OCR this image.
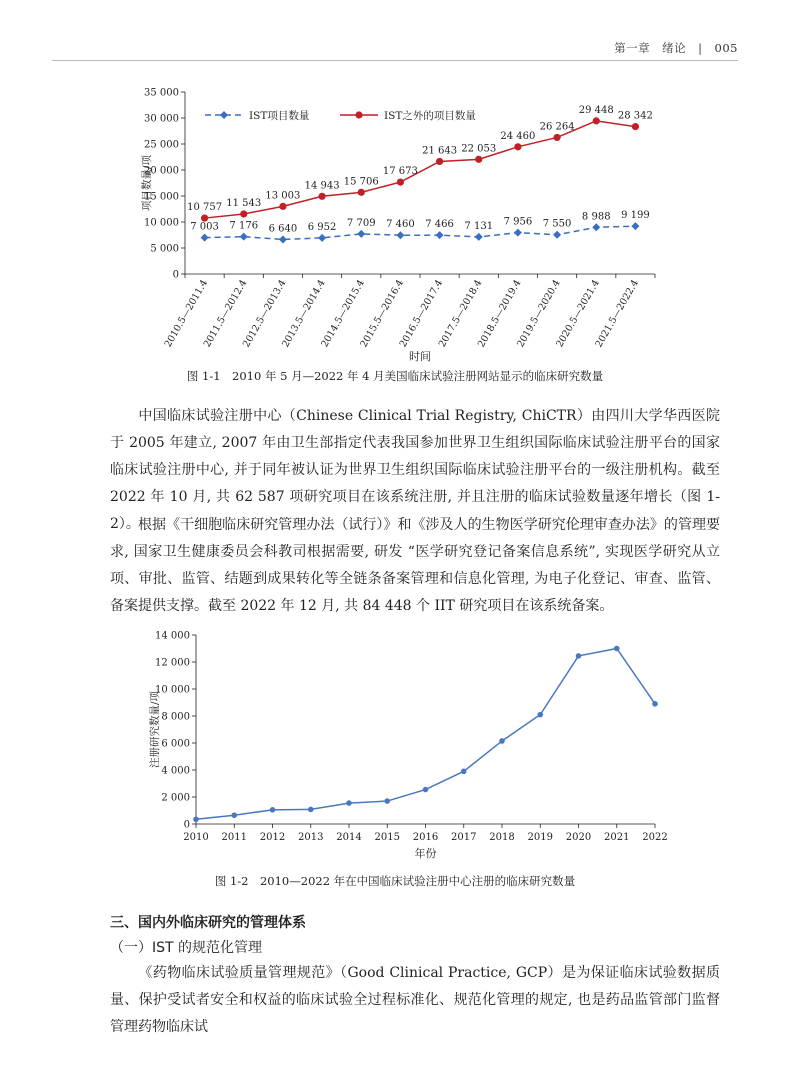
第一章　绪论　|　005
0
5 000
10 000
15 000
20 000
25 000
30 000
35 000
2010.5—2011.4
2011.5—2012.4
2012.5—2013.4
2013.5—2014.4
2014.5—2015.4
2015.5—2016.4
2016.5—2017.4
2017.5—2018.4
2018.5—2019.4
2019.5—2020.4
2020.5—2021.4
2021.5—2022.4
项目数量/项
时间
7 003 7 176 6 640 6 952 7 709 7 460 7 466 7 131 7 956 7 550
8 988 9 199
10 757 11 543
13 003
14 943 15 706
17 673
21 643 22 053
24 460
26 264
29 448
28 342
IST项目数量	IST之外的项目数量
图 1-1　2010 年 5 月—2022 年 4 月美国临床试验注册网站显示的临床研究数量
中国临床试验注册中心（Chinese Clinical Trial Registry, ChiCTR）由四川大学华西医院于 2005 年建立, 2007 年由卫生部指定代表我国参加世界卫生组织国际临床试验注册平台的国家临床试验注册中心, 并于同年被认证为世界卫生组织国际临床试验注册平台的一级注册机构。截至 2022 年 10 月, 共 62 587 项研究项目在该系统注册, 并且注册的临床试验数量逐年增长（图 1-2）。
根据《干细胞临床研究管理办法（试行）》和《涉及人的生物医学研究伦理审查办法》的管理要求, 国家卫生健康委员会科教司根据需要, 研发 “医学研究登记备案信息系统”, 实现医学研究从立项、审批、监管、结题到成果转化等全链条备案管理和信息化管理, 为电子化登记、审查、监管、备案提供支撑。截至 2022 年 12 月, 共 84 448 个 IIT 研究项目在该系统备案。
0
2 000
4 000
6 000
8 000
10 000
12 000
14 000
2010 2011 2012 2013 2014 2015 2016 2017 2018 2019 2020 2021 2022
注册研究数量/项
年份
图 1-2　2010—2022 年在中国临床试验注册中心注册的临床研究数量
三、国内外临床研究的管理体系
（一）IST 的规范化管理
《药物临床试验质量管理规范》（Good Clinical Practice, GCP）是为保证临床试验数据质量、保护受试者安全和权益的临床试验全过程标准化、规范化管理的规定, 也是药品监管部门监督管理药物临床试
